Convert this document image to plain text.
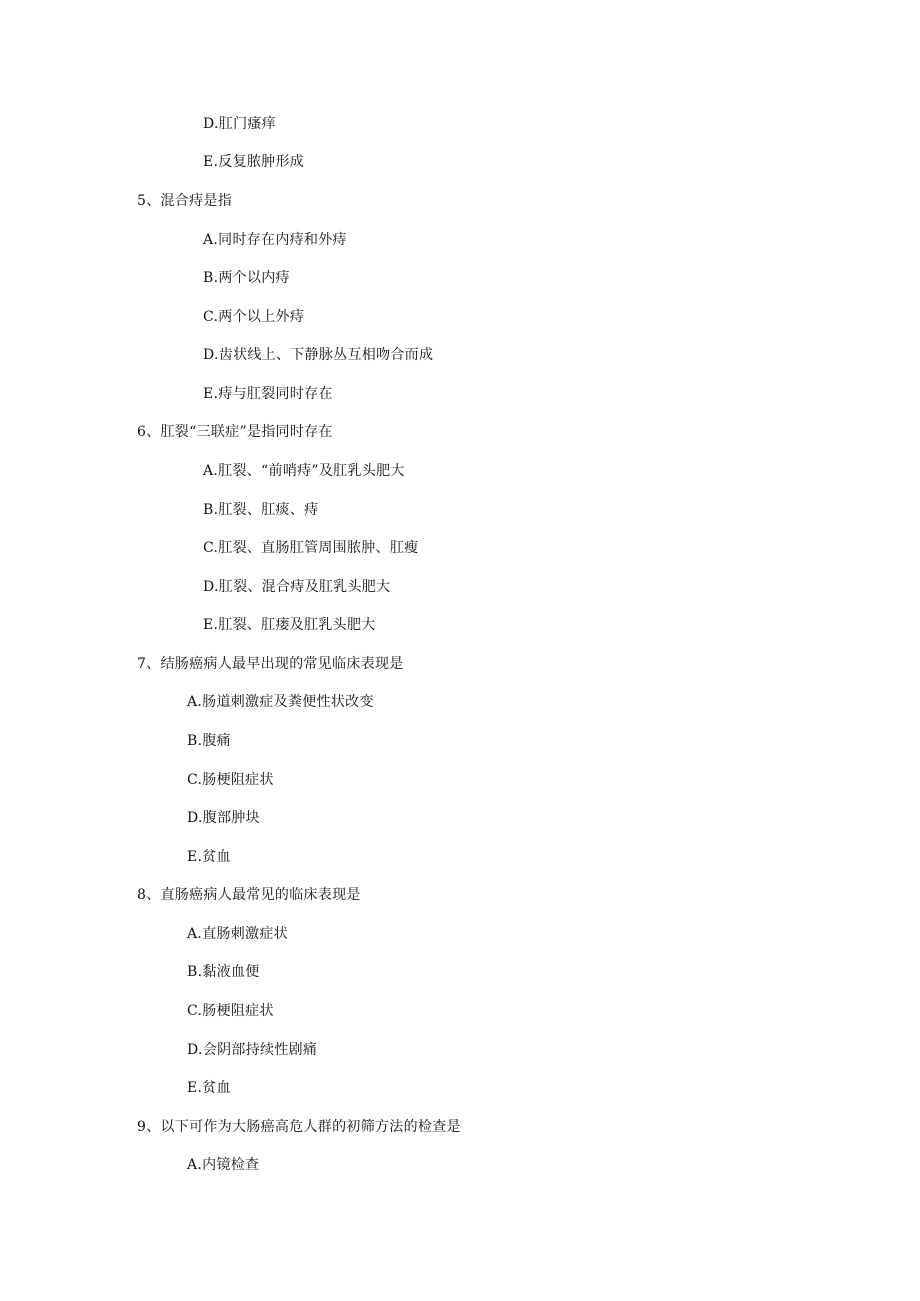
D.肛门瘙痒
E.反复脓肿形成
5、混合痔是指
A.同时存在内痔和外痔
B.两个以内痔
C.两个以上外痔
D.齿状线上、下静脉丛互相吻合而成
E.痔与肛裂同时存在
6、肛裂“三联症”是指同时存在
A.肛裂、“前哨痔”及肛乳头肥大
B.肛裂、肛痰、痔
C.肛裂、直肠肛管周围脓肿、肛瘦
D.肛裂、混合痔及肛乳头肥大
E.肛裂、肛瘘及肛乳头肥大
7、结肠癌病人最早出现的常见临床表现是
A.肠道刺激症及粪便性状改变
B.腹痛
C.肠梗阻症状
D.腹部肿块
E.贫血
8、直肠癌病人最常见的临床表现是
A.直肠刺激症状
B.黏液血便
C.肠梗阻症状
D.会阴部持续性剧痛
E.贫血
9、以下可作为大肠癌高危人群的初筛方法的检查是
A.内镜检查
